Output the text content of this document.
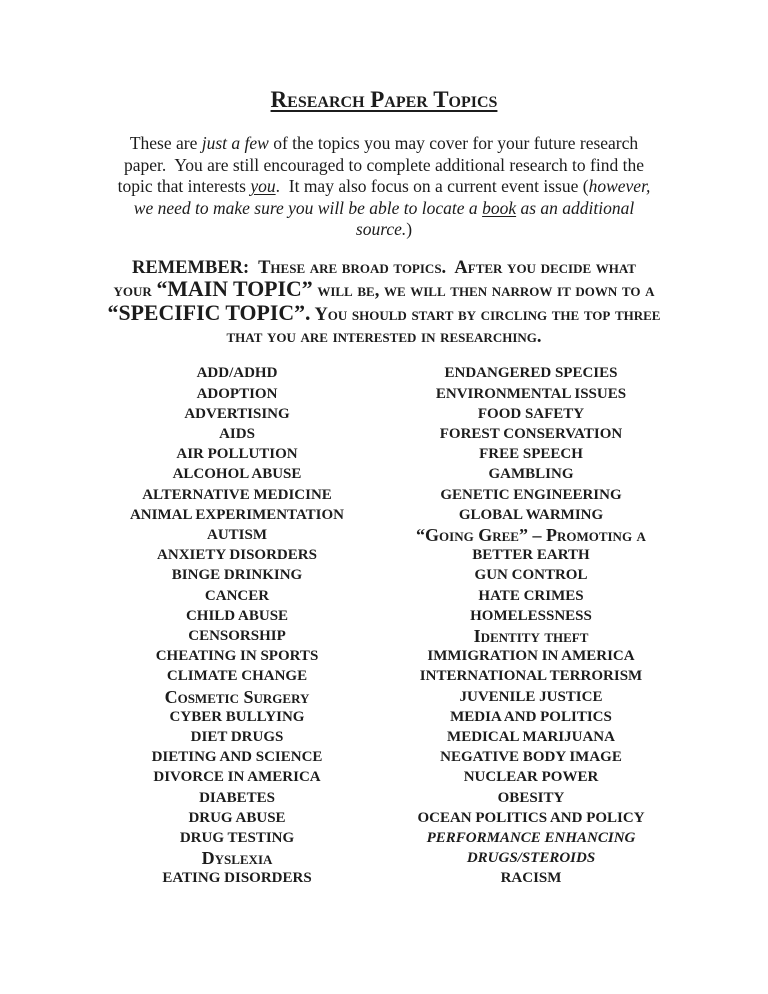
Research Paper Topics
These are just a few of the topics you may cover for your future research
paper.  You are still encouraged to complete additional research to find the
topic that interests you.  It may also focus on a current event issue (however,
we need to make sure you will be able to locate a book as an additional
source.)
REMEMBER:  These are broad topics.  After you decide what
your “MAIN TOPIC” will be, we will then narrow it down to a
“SPECIFIC TOPIC”. You should start by circling the top three
that you are interested in researching.
ADD/ADHD
ADOPTION
ADVERTISING
AIDS
AIR POLLUTION
ALCOHOL ABUSE
ALTERNATIVE MEDICINE
ANIMAL EXPERIMENTATION
AUTISM
ANXIETY DISORDERS
BINGE DRINKING
CANCER
CHILD ABUSE
CENSORSHIP
CHEATING IN SPORTS
CLIMATE CHANGE
Cosmetic Surgery
CYBER BULLYING
DIET DRUGS
DIETING AND SCIENCE
DIVORCE IN AMERICA
DIABETES
DRUG ABUSE
DRUG TESTING
Dyslexia
EATING DISORDERS
ENDANGERED SPECIES
ENVIRONMENTAL ISSUES
FOOD SAFETY
FOREST CONSERVATION
FREE SPEECH
GAMBLING
GENETIC ENGINEERING
GLOBAL WARMING
“Going Gree” – Promoting a
BETTER EARTH
GUN CONTROL
HATE CRIMES
HOMELESSNESS
Identity theft
IMMIGRATION IN AMERICA
INTERNATIONAL TERRORISM
JUVENILE JUSTICE
MEDIA AND POLITICS
MEDICAL MARIJUANA
NEGATIVE BODY IMAGE
NUCLEAR POWER
OBESITY
OCEAN POLITICS AND POLICY
PERFORMANCE ENHANCING
DRUGS/STEROIDS
RACISM
